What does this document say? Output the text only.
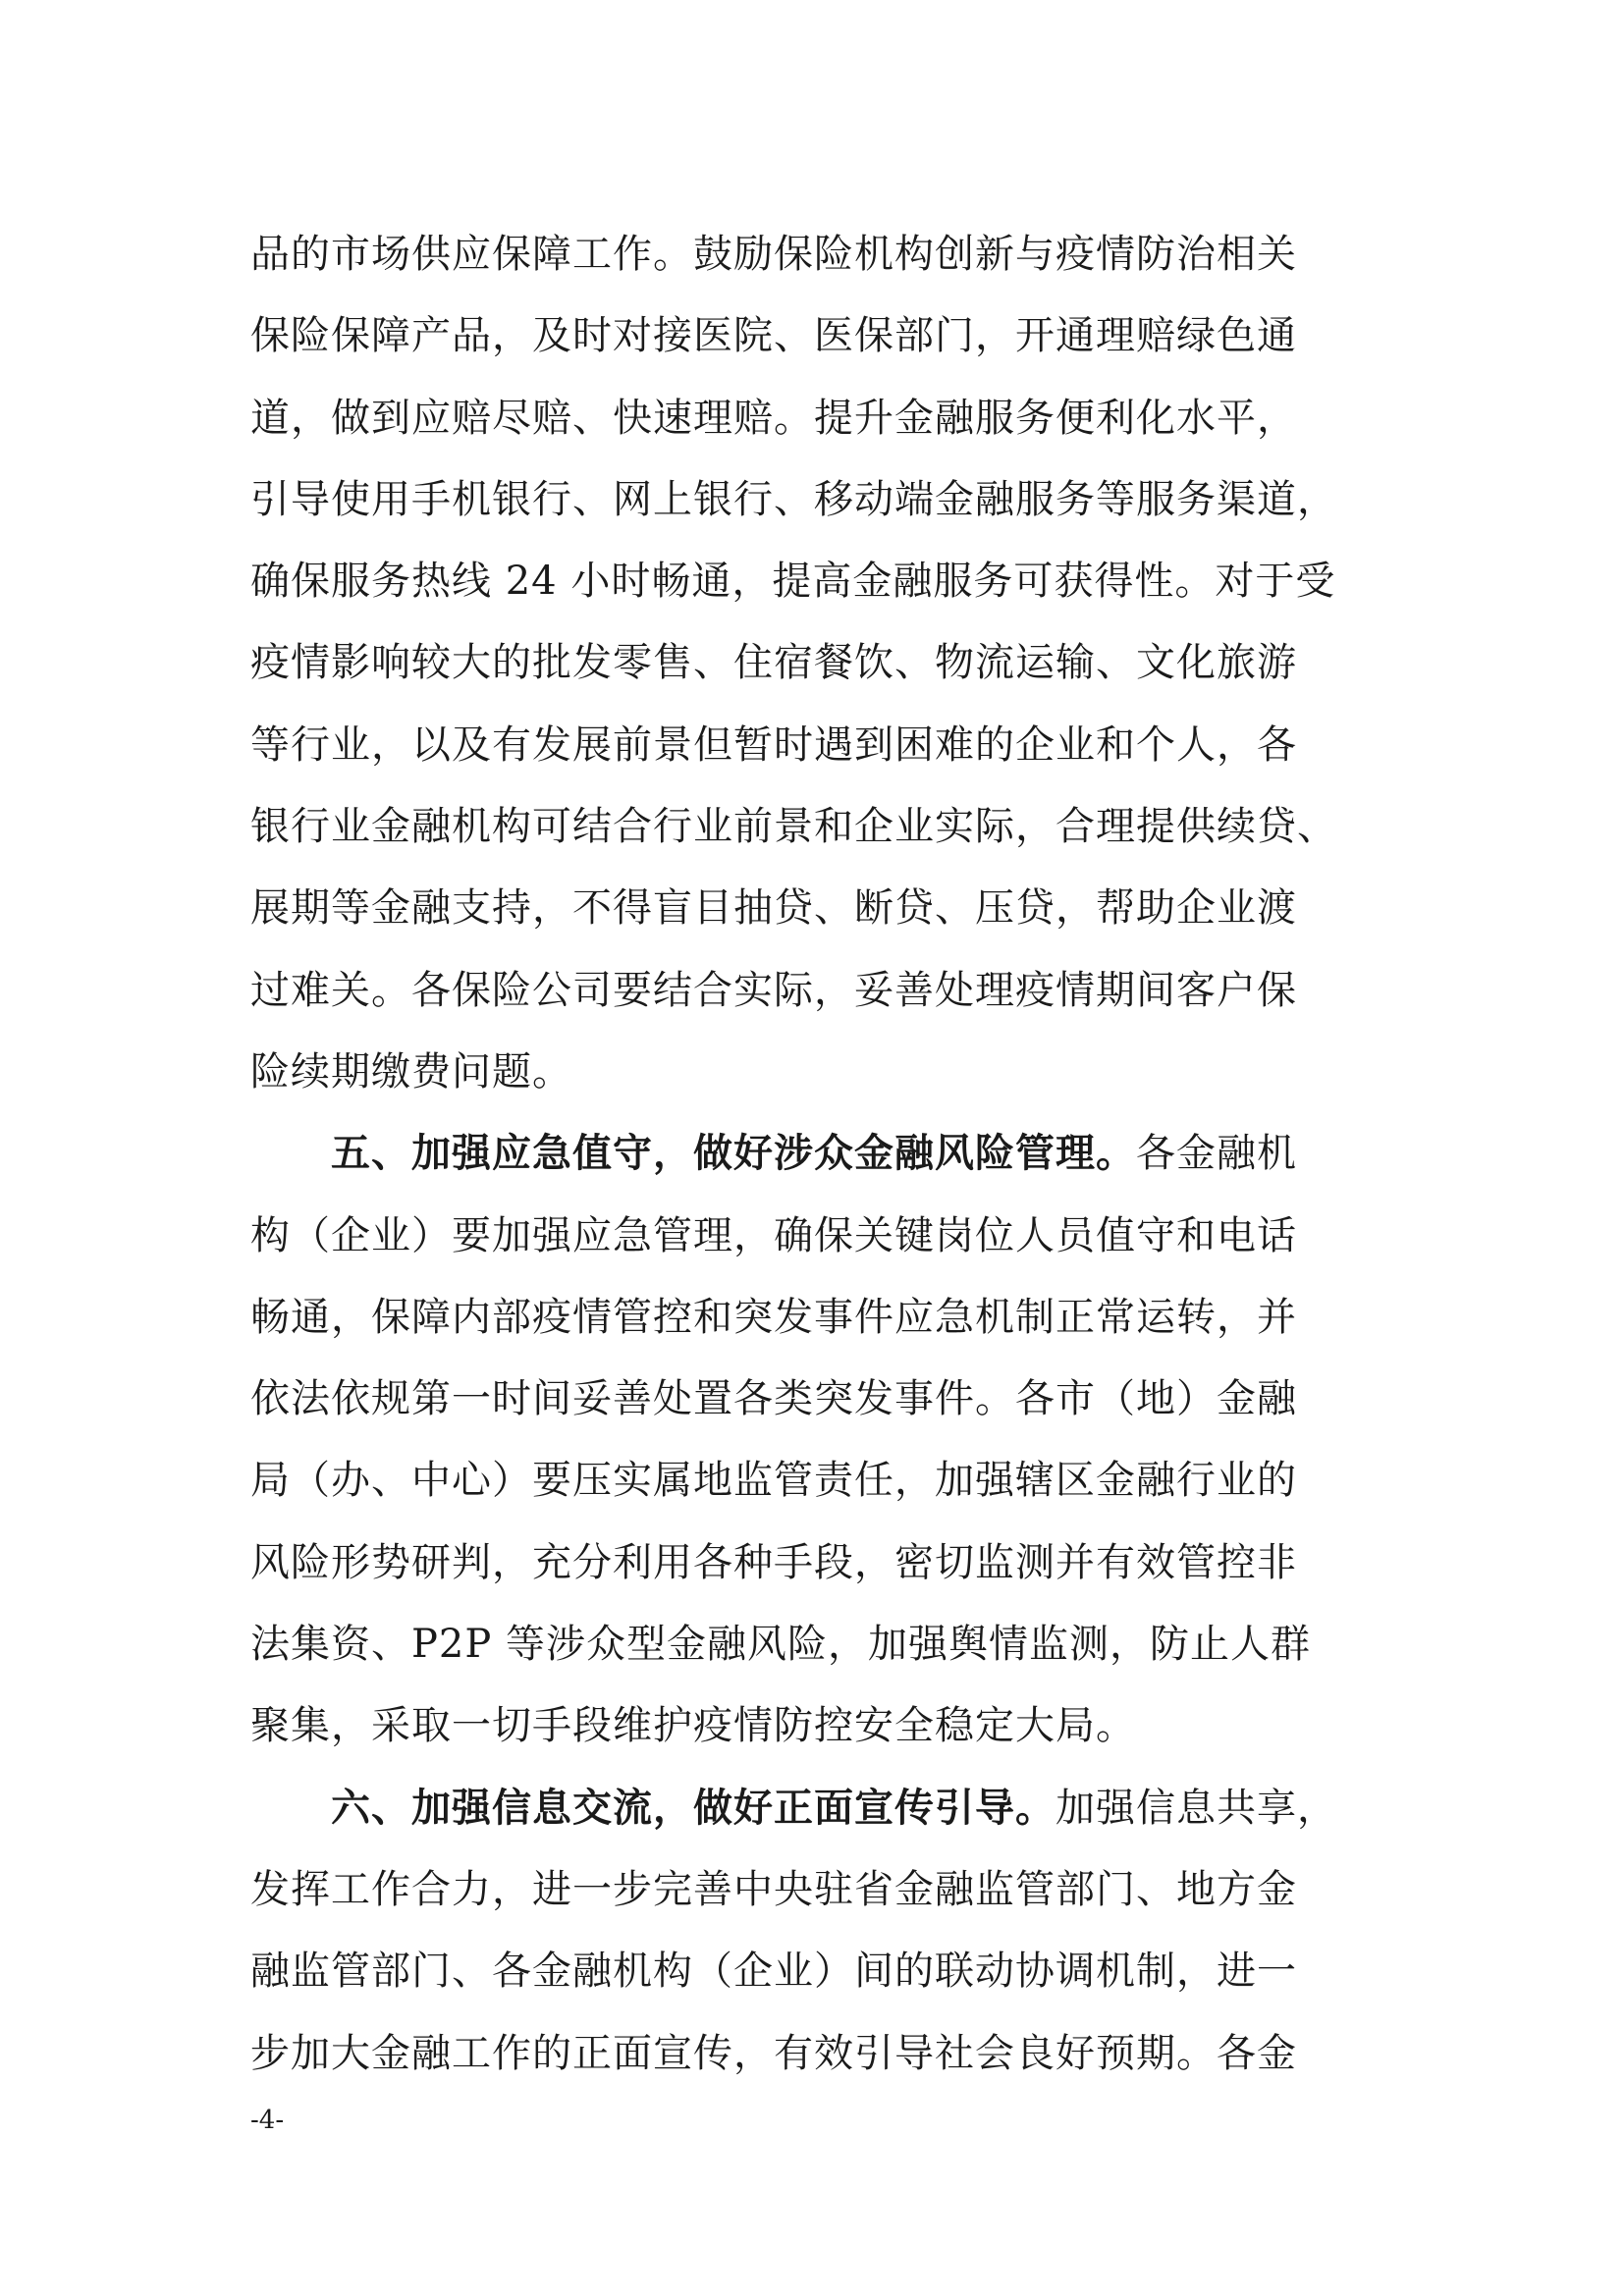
品的市场供应保障工作。鼓励保险机构创新与疫情防治相关
保险保障产品，及时对接医院、医保部门，开通理赔绿色通
道，做到应赔尽赔、快速理赔。提升金融服务便利化水平，
引导使用手机银行、网上银行、移动端金融服务等服务渠道，
确保服务热线 24 小时畅通，提高金融服务可获得性。对于受
疫情影响较大的批发零售、住宿餐饮、物流运输、文化旅游
等行业，以及有发展前景但暂时遇到困难的企业和个人，各
银行业金融机构可结合行业前景和企业实际，合理提供续贷、
展期等金融支持，不得盲目抽贷、断贷、压贷，帮助企业渡
过难关。各保险公司要结合实际，妥善处理疫情期间客户保
险续期缴费问题。
五、加强应急值守，做好涉众金融风险管理。各金融机
构（企业）要加强应急管理，确保关键岗位人员值守和电话
畅通，保障内部疫情管控和突发事件应急机制正常运转，并
依法依规第一时间妥善处置各类突发事件。各市（地）金融
局（办、中心）要压实属地监管责任，加强辖区金融行业的
风险形势研判，充分利用各种手段，密切监测并有效管控非
法集资、P2P 等涉众型金融风险，加强舆情监测，防止人群
聚集，采取一切手段维护疫情防控安全稳定大局。
六、加强信息交流，做好正面宣传引导。加强信息共享，
发挥工作合力，进一步完善中央驻省金融监管部门、地方金
融监管部门、各金融机构（企业）间的联动协调机制，进一
步加大金融工作的正面宣传，有效引导社会良好预期。各金
-4-
